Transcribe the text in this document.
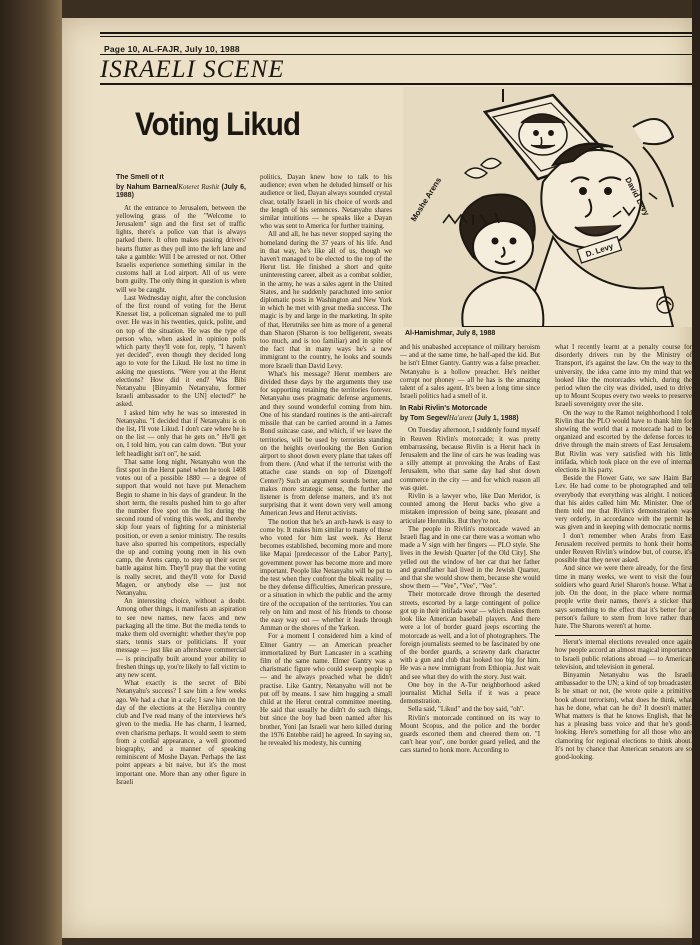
Page 10, AL-FAJR, July 10, 1988
ISRAELI SCENE
Voting Likud
D. Levy
Moshe Arens	David Levy
Al-Hamishmar, July 8, 1988

The Smell of it
by Nahum Barnea/Koteret Rashit (July 6, 1988)

At the entrance to Jerusalem, between the yellowing grass of the "Welcome to Jerusalem" sign and the first set of traffic lights, there's a police van that is always parked there. It often makes passing drivers' hearts flutter as they pull into the left lane and take a gamble: Will I be arrested or not. Other Israelis experience something similar in the customs hall at Lod airport. All of us were born guilty. The only thing in question is when will we be caught.

Last Wednesday night, after the conclusion of the first round of voting for the Herut Knesset list, a policeman signaled me to pull over. He was in his twenties, quick, polite, and on top of the situation. He was the type of person who, when asked in opinion polls which party they'll vote for, reply, "I haven't yet decided", even though they decided long ago to vote for the Likud. He lost no time in asking me questions. "Were you at the Herut elections? How did it end? Was Bibi Netanyahu [Binyamin Netanyahu, former Israeli ambassador to the UN] elected?" he asked.

I asked him why he was so interested in Netanyahu. "I decided that if Netanyahu is on the list, I'll vote Likud. I don't care where he is on the list — only that he gets on." He'll get on, I told him, you can calm down. "But your left headlight isn't on", he said.

That same long night, Netanyahu won the first spot in the Herut panel when he took 1408 votes out of a possible 1880 — a degree of support that would not have put Menachem Begin to shame in his days of grandeur. In the short term, the results pushed him to go after the number five spot on the list during the second round of voting this week, and thereby skip four years of fighting for a ministerial position, or even a senior ministry. The results have also spurred his competitors, especially the up and coming young men in his own camp, the Arens camp, to step up their secret battle against him. They'll pray that the voting is really secret, and they'll vote for David Magen, or anybody else — just not Netanyahu.

An interesting choice, without a doubt. Among other things, it manifests an aspiration to see new names, new faces and new packaging all the time. But the media tends to make them old overnight: whether they're pop stars, tennis stars or politicians. If your message — just like an aftershave commercial — is principally built around your ability to freshen things up, you're likely to fall victim to any new scent.

What exactly is the secret of Bibi Netanyahu's success? I saw him a few weeks ago. We had a chat in a cafe; I saw him on the day of the elections at the Herzliya country club and I've read many of the interviews he's given to the media. He has charm, I learned, even charisma perhaps. It would seem to stem from a cordial appearance, a well groomed biography, and a manner of speaking reminiscent of Moshe Dayan. Perhaps the last point appears a bit naive, but it's the most important one. More than any other figure in Israeli

politics, Dayan knew how to talk to his audience; even when he deluded himself or his audience or lied, Dayan always sounded crystal clear, totally Israeli in his choice of words and the length of his sentences. Netanyahu shares similar intuitions — he speaks like a Dayan who was sent to America for further training.

All and all, he has never stopped saying the homeland during the 37 years of his life. And in that way, he's like all of us, though we haven't managed to be elected to the top of the Herut list. He finished a short and quite uninteresting career, albeit as a combat soldier, in the army, he was a sales agent in the United States, and he suddenly parachuted into senior diplomatic posts in Washington and New York in which he met with great media success. The magic is by and large in the marketing. In spite of that, Herutniks see him as more of a general than Sharon (Sharon is too belligerent, sweats too much, and is too familiar) and in spite of the fact that in many ways he's a new immigrant to the country, he looks and sounds more Israeli than David Levy.

What's his message? Herut members are divided these days by the arguments they use for supporting retaining the territories forever. Netanyahu uses pragmatic defense arguments, and they sound wonderful coming from him. One of his standard routines is the anti-aircraft missile that can be carried around in a James Bond suitcase case, and which, if we leave the territories, will be used by terrorists standing on the heights overlooking the Ben Gurion airport to shoot down every plane that takes off from there. (And what if the terrorist with the attache case stands on top of Dizengoff Center?) Such an argument sounds better, and makes more strategic sense, the further the listener is from defense matters, and it's not surprising that it went down very well among American Jews and Herut activists.

The notion that he's an arch-hawk is easy to come by. It makes him similar to many of those who voted for him last week. As Herut becomes established, becoming more and more like Mapai [predecessor of the Labor Party], government power has become more and more important. People like Netanyahu will be put to the test when they confront the bleak reality — be they defense difficulties, American pressure, or a situation in which the public and the army tire of the occupation of the territories. You can rely on him and most of his friends to choose the easy way out — whether it leads through Amman or the shores of the Yarkon.

For a moment I considered him a kind of Elmer Gantry — an American preacher immortalized by Burt Lancaster in a scathing film of the same name. Elmer Gantry was a charismatic figure who could sweep people up — and he always preached what he didn't practise. Like Gantry, Netanyahu will not be put off by means. I saw him hugging a small child at the Herut central committee meeting. He said that usually he didn't do such things, but since the boy had been named after his brother, Yoni [an Israeli war hero killed during the 1976 Entebbe raid] he agreed. In saying so, he revealed his modesty, his cunning

and his unabashed acceptance of military heroism — and at the same time, he half-aped the kid. But he isn't Elmer Gantry. Gantry was a false preacher. Netanyahu is a hollow preacher. He's neither corrupt nor phoney — all he has is the amazing talent of a sales agent. It's been a long time since Israeli politics had a smell of it.

In Rabi Rivlin's Motorcade
by Tom Segev/Ha'aretz (July 1, 1988)

On Tuesday afternoon, I suddenly found myself in Reuven Rivlin's motorcade; it was pretty embarrassing, because Rivlin is a Herut hack in Jerusalem and the line of cars he was leading was a silly attempt at provoking the Arabs of East Jerusalem, who that same day had shut down commerce in the city — and for which reason all was quiet.

Rivlin is a lawyer who, like Dan Meridor, is counted among the Herut backs who give a mistaken impression of being sane, pleasant and articulate Herutniks. But they're not.

The people in Rivlin's motorcade waved an Israeli flag and in one car there was a woman who made a V sign with her fingers — PLO style. She lives in the Jewish Quarter [of the Old City]. She yelled out the window of her car that her father and grandfather had lived in the Jewish Quarter, and that she would show them, because she would show them — "Vee", "Vee", "Vee".

Their motorcade drove through the deserted streets, escorted by a large contingent of police got up in their intifada wear — which makes them look like American baseball players. And there were a lot of border guard jeeps escorting the motorcade as well, and a lot of photographers. The foreign journalists seemed to be fascinated by one of the border guards, a scrawny dark character with a gun and club that looked too big for him. He was a new immigrant from Ethiopia. Just wait and see what they do with the story. Just wait.

One boy in the A-Tur neighborhood asked journalist Michal Sella if it was a peace demonstration.

Sella said, "Likud" and the boy said, "oh".

Rivlin's motorcade continued on its way to Mount Scopus, and the police and the border guards escorted them and cheered them on. "I can't hear you", one border guard yelled, and the cars started to honk more. According to

what I recently learnt at a penalty course for disorderly drivers run by the Ministry of Transport, it's against the law. On the way to the university, the idea came into my mind that we looked like the motorcades which, during the period when the city was divided, used to drive up to Mount Scopus every two weeks to preserve Israeli sovereignty over the site.

On the way to the Ramot neighborhood I told Rivlin that the PLO would have to thank him for showing the world that a motorcade had to be organized and escorted by the defense forces to drive through the main streets of East Jerusalem. But Rivlin was very satisfied with his little intifada, which took place on the eve of internal elections in his party.

Beside the Flower Gate, we saw Haim Bar Lev. He had come to be photographed and tell everybody that everything was alright. I noticed that his aides called him Mr. Minister. One of them told me that Rivlin's demonstration was very orderly, in accordance with the permit he was given and in keeping with democratic norms.

I don't remember when Arabs from East Jerusalem received permits to honk their horns under Reuven Rivlin's window but, of course, it's possible that they never asked.

And since we were there already, for the first time in many weeks, we went to visit the four soldiers who guard Ariel Sharon's house. What a job. On the door, in the place where normal people write their names, there's a sticker that says something to the effect that it's better for a person's failure to stem from love rather than hate. The Sharons weren't at home.

Herut's internal elections revealed once again how people accord an almost magical importance to Israeli public relations abroad — to American television, and television in general.

Binyamin Netanyahu was the Israeli ambassador to the UN; a kind of top broadcaster. Is he smart or not, (he wrote quite a primitive book about terrorism), what does he think, what has he done, what can he do? It doesn't matter. What matters is that he knows English, that he has a pleasing bass voice and that he's good-looking. Here's something for all those who are clamoring for regional elections to think about. It's not by chance that American senators are so good-looking.
